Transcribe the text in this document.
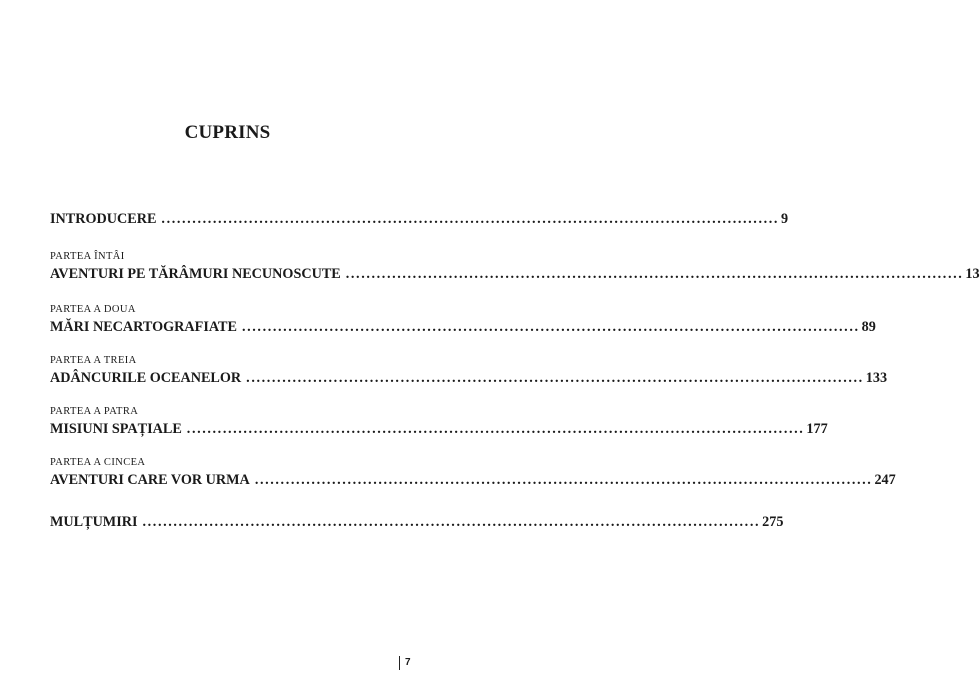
CUPRINS
INTRODUCERE ........................................................................................................................ 9
PARTEA ÎNTÂI
AVENTURI PE TĂRÂMURI NECUNOSCUTE ........................................................................................................................ 13
PARTEA A DOUA
MĂRI NECARTOGRAFIATE ........................................................................................................................ 89
PARTEA A TREIA
ADÂNCURILE OCEANELOR ........................................................................................................................ 133
PARTEA A PATRA
MISIUNI SPAȚIALE ........................................................................................................................ 177
PARTEA A CINCEA
AVENTURI CARE VOR URMA ........................................................................................................................ 247
MULȚUMIRI ........................................................................................................................ 275
7
